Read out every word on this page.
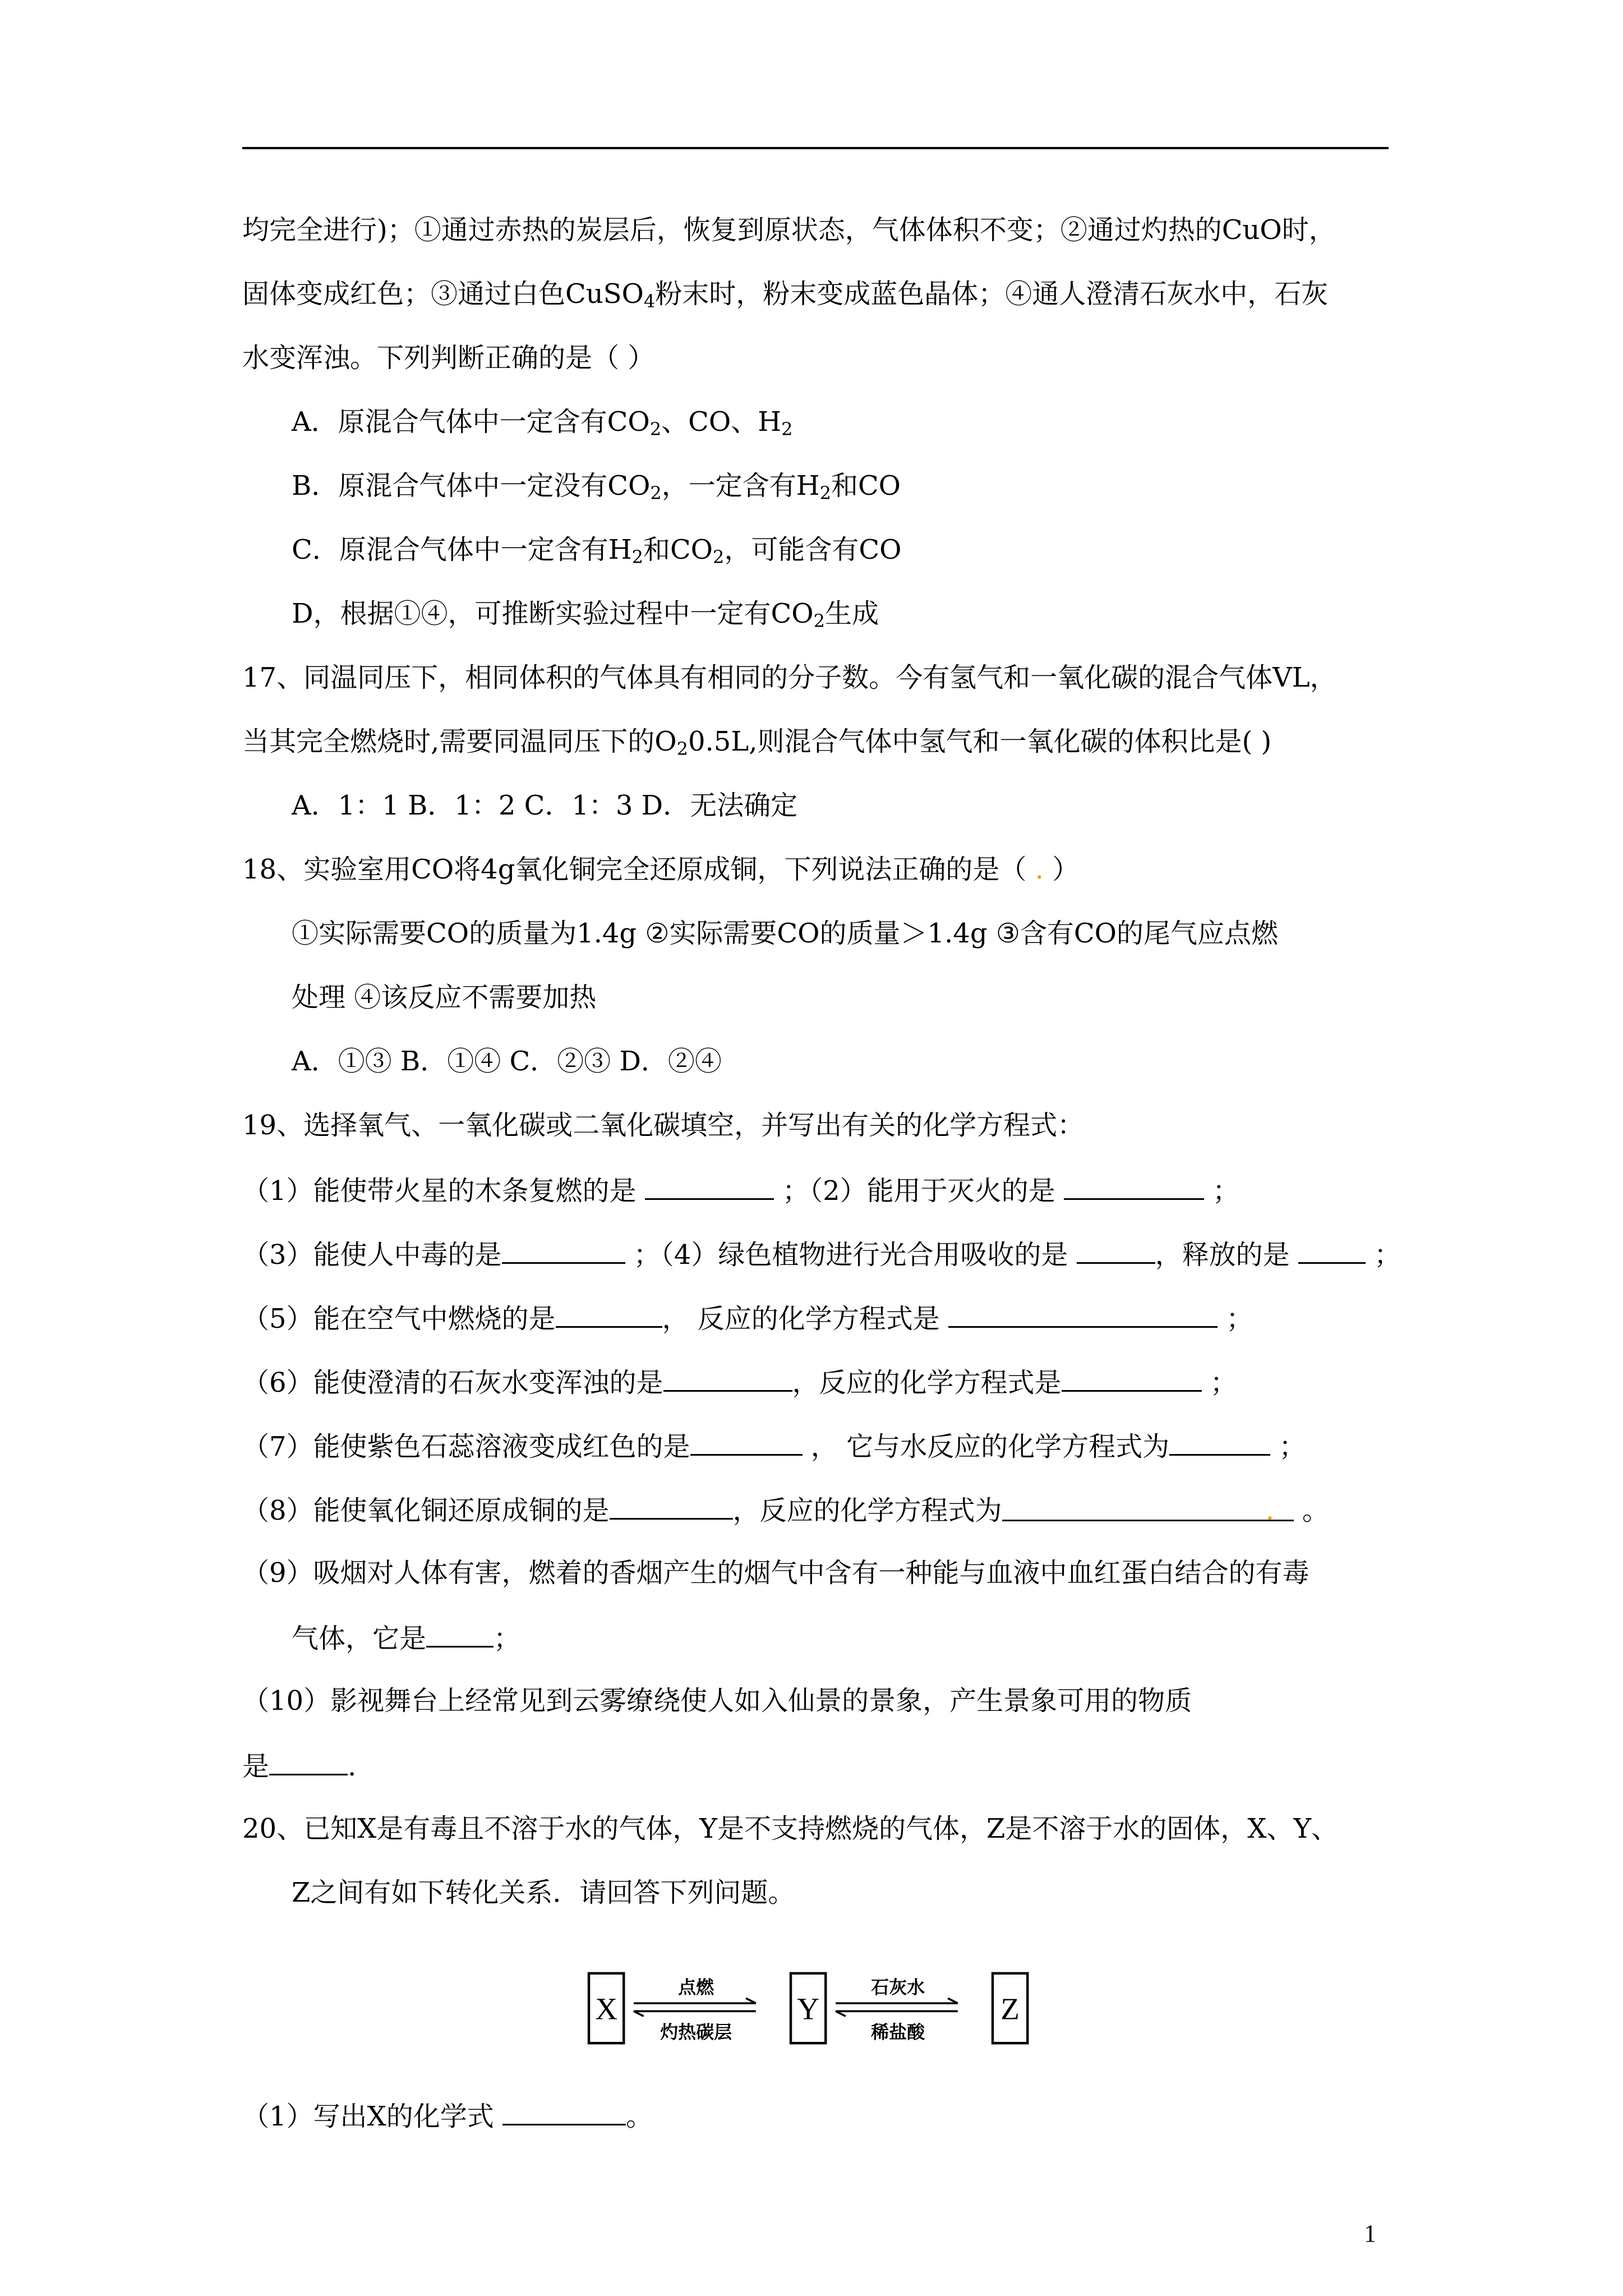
均完全进行)；①通过赤热的炭层后，恢复到原状态，气体体积不变；②通过灼热的CuO时，
固体变成红色；③通过白色CuSO$_4$粉末时，粉末变成蓝色晶体；④通人澄清石灰水中，石灰
水变浑浊。下列判断正确的是（ ）
A．原混合气体中一定含有$CO_2$、CO、$H_2$
B．原混合气体中一定没有$CO_2$，一定含有$H_2$和CO
C．原混合气体中一定含有$H_2$和$CO_2$，可能含有CO
D，根据①④，可推断实验过程中一定有$CO_2$生成
17、同温同压下，相同体积的气体具有相同的分子数。今有氢气和一氧化碳的混合气体VL，
当其完全燃烧时,需要同温同压下的$O_20.5L$,则混合气体中氢气和一氧化碳的体积比是( )
A．1：1 B．1：2 C．1：3 D．无法确定
18、实验室用CO将4g氧化铜完全还原成铜，下列说法正确的是（ . ）
①实际需要CO的质量为1.4g ②实际需要CO的质量＞1.4g ③含有CO的尾气应点燃
处理 ④该反应不需要加热
A．①③ B．①④ C．②③ D．②④
19、选择氧气、一氧化碳或二氧化碳填空，并写出有关的化学方程式：
（1）能使带火星的木条复燃的是	；（2）能用于灭火的是	；
（3）能使人中毒的是	；（4）绿色植物进行光合用吸收的是	，释放的是	；
（5）能在空气中燃烧的是	， 反应的化学方程式是	；
（6）能使澄清的石灰水变浑浊的是	，反应的化学方程式是	；
（7）能使紫色石蕊溶液变成红色的是	， 它与水反应的化学方程式为	；
（8）能使氧化铜还原成铜的是	，反应的化学方程式为	. 。
（9）吸烟对人体有害，燃着的香烟产生的烟气中含有一种能与血液中血红蛋白结合的有毒
气体，它是	；
（10）影视舞台上经常见到云雾缭绕使人如入仙景的景象，产生景象可用的物质
是	.
20、已知X是有毒且不溶于水的气体，Y是不支持燃烧的气体，Z是不溶于水的固体，X、Y、
Z之间有如下转化关系．请回答下列问题。
X
点燃
灼热碳层
Y
石灰水
稀盐酸
Z
（1）写出X的化学式	。
1
